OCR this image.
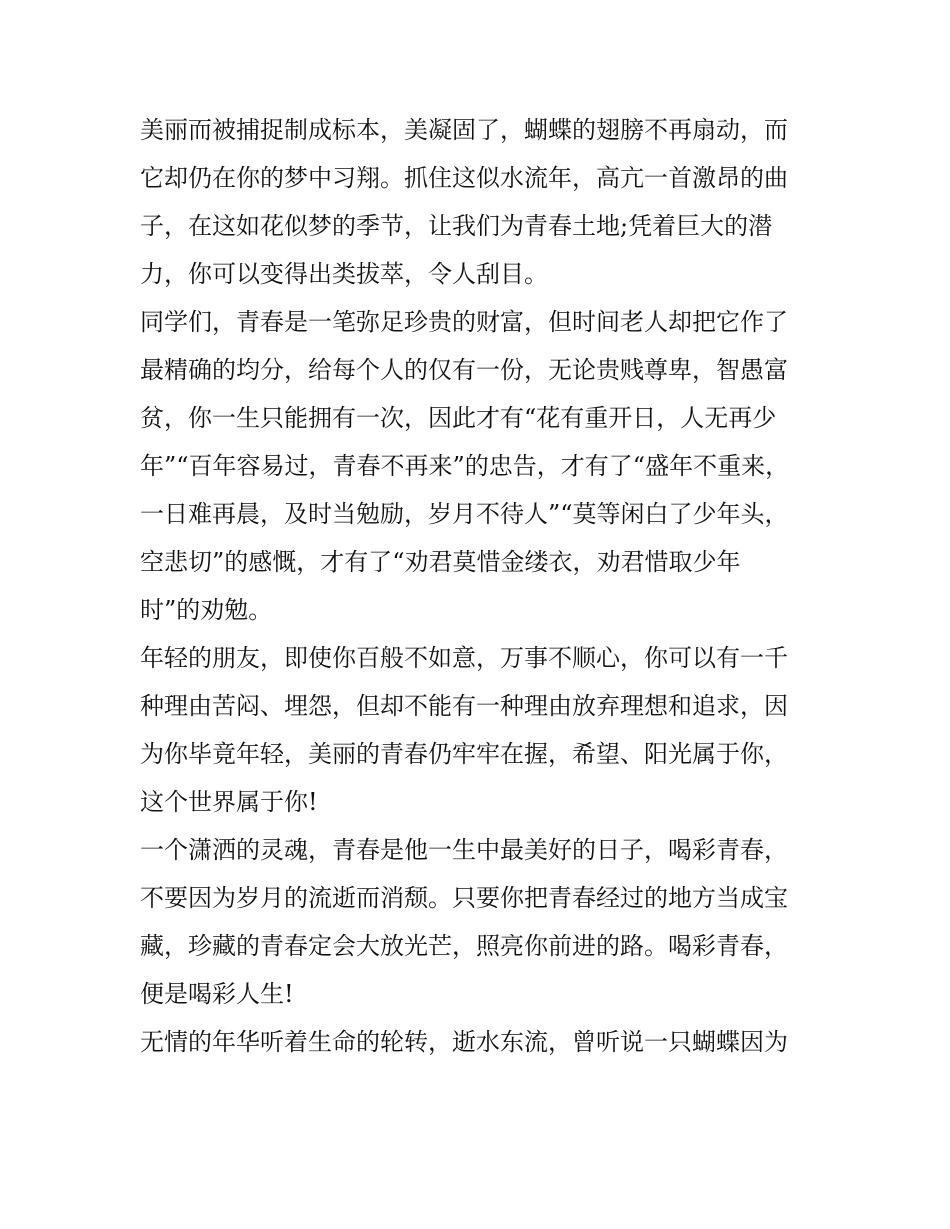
美丽而被捕捉制成标本，美凝固了，蝴蝶的翅膀不再扇动，而
它却仍在你的梦中习翔。抓住这似水流年，高亢一首激昂的曲
子，在这如花似梦的季节，让我们为青春土地;凭着巨大的潜
力，你可以变得出类拔萃，令人刮目。
同学们，青春是一笔弥足珍贵的财富，但时间老人却把它作了
最精确的均分，给每个人的仅有一份，无论贵贱尊卑，智愚富
贫，你一生只能拥有一次，因此才有“花有重开日，人无再少
年”“百年容易过，青春不再来”的忠告，才有了“盛年不重来，
一日难再晨，及时当勉励，岁月不待人”“莫等闲白了少年头，
空悲切”的感慨，才有了“劝君莫惜金缕衣，劝君惜取少年
时”的劝勉。
年轻的朋友，即使你百般不如意，万事不顺心，你可以有一千
种理由苦闷、埋怨，但却不能有一种理由放弃理想和追求，因
为你毕竟年轻，美丽的青春仍牢牢在握，希望、阳光属于你，
这个世界属于你!
一个潇洒的灵魂，青春是他一生中最美好的日子，喝彩青春，
不要因为岁月的流逝而消颓。只要你把青春经过的地方当成宝
藏，珍藏的青春定会大放光芒，照亮你前进的路。喝彩青春，
便是喝彩人生!
无情的年华听着生命的轮转，逝水东流，曾听说一只蝴蝶因为
